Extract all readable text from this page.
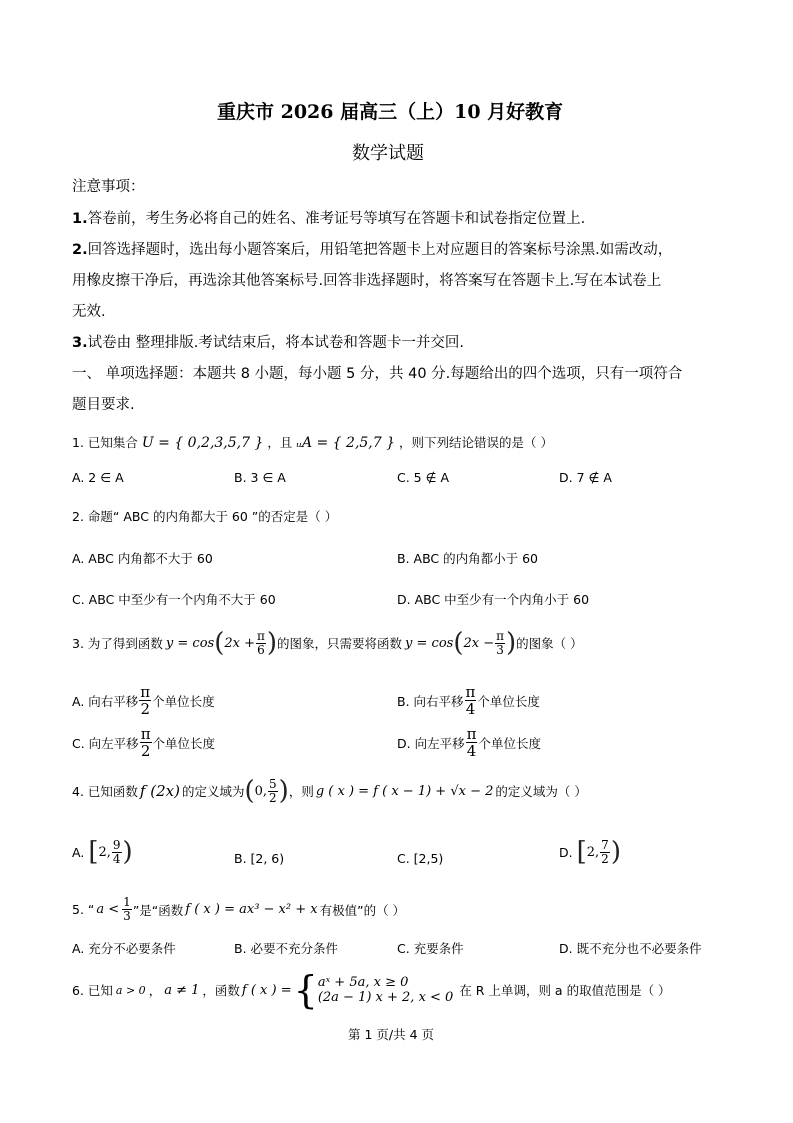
重庆市 2026 届高三（上）10 月好教育
数学试题
注意事项：
1.答卷前，考生务必将自己的姓名、准考证号等填写在答题卡和试卷指定位置上.
2.回答选择题时，选出每小题答案后，用铅笔把答题卡上对应题目的答案标号涂黑.如需改动，
用橡皮擦干净后，再选涂其他答案标号.回答非选择题时，将答案写在答题卡上.写在本试卷上
无效.
3.试卷由 整理排版.考试结束后，将本试卷和答题卡一并交回.
一、 单项选择题：本题共 8 小题，每小题 5 分，共 40 分.每题给出的四个选项，只有一项符合
题目要求.
1. 已知集合 U = { 0,2,3,5,7 } ，且 ᵤA = { 2,5,7 } ，则下列结论错误的是（ ）
A. 2 ∈ A	B. 3 ∈ A	C. 5 ∉ A	D. 7 ∉ A
2. 命题“ ABC 的内角都大于 60 ”的否定是（ ）
A. ABC 内角都不大于 60	B. ABC 的内角都小于 60
C. ABC 中至少有一个内角不大于 60	D. ABC 中至少有一个内角小于 60
3. 为了得到函数 y = cos ( $2x + \frac{\pi}{6}$ ) 的图象，只需要将函数 y = cos ( $2x - \frac{\pi}{3}$ ) 的图象（ ）
A. 向右平移 $\frac{\pi}{2}$ 个单位长度	B. 向右平移 $\frac{\pi}{4}$ 个单位长度
C. 向左平移 $\frac{\pi}{2}$ 个单位长度	D. 向左平移 $\frac{\pi}{4}$ 个单位长度
4. 已知函数 f (2x) 的定义域为 ( 0, $\frac{5}{2}$ ) ，则 g ( x ) = f ( x − 1) + √x − 2 的定义域为（ ）
A. [ 2, $\frac{9}{4}$ )	B. [2, 6)	C. [2,5)	D. [ 2, $\frac{7}{2}$ )
5. “ $a < \frac{1}{3}$ ”是“函数 f ( x ) = ax³ − x² + x 有极值”的（ ）
A. 充分不必要条件	B. 必要不充分条件	C. 充要条件	D. 既不充分也不必要条件
6. 已知 a > 0 ， a ≠ 1 ，函数 f ( x ) = { aˣ + 5a, x ≥ 0
(2a − 1) x + 2, x < 0 在 R 上单调，则 a 的取值范围是（ ）
第 1 页/共 4 页
